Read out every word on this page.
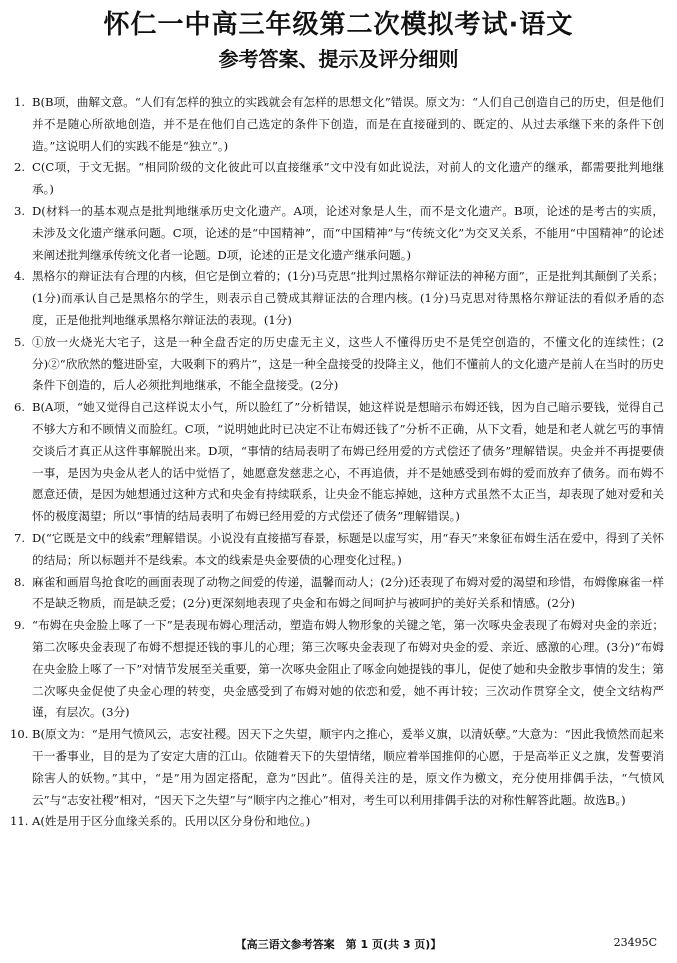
怀仁一中高三年级第二次模拟考试·语文
参考答案、提示及评分细则

1. B(B项，曲解文意。“人们有怎样的独立的实践就会有怎样的思想文化”错误。原文为：“人们自己创造自己的历史，但是他们并不是随心所欲地创造，并不是在他们自己选定的条件下创造，而是在直接碰到的、既定的、从过去承继下来的条件下创造。”这说明人们的实践不能是“独立”。)

2. C(C项，于文无据。“相同阶级的文化彼此可以直接继承”文中没有如此说法，对前人的文化遗产的继承，都需要批判地继承。)

3. D(材料一的基本观点是批判地继承历史文化遗产。A项，论述对象是人生，而不是文化遗产。B项，论述的是考古的实质，未涉及文化遗产继承问题。C项，论述的是“中国精神”，而“中国精神”与“传统文化”为交叉关系，不能用“中国精神”的论述来阐述批判继承传统文化者一论题。D项，论述的正是文化遗产继承问题。)

4. 黑格尔的辩证法有合理的内核，但它是倒立着的；(1分)马克思“批判过黑格尔辩证法的神秘方面”，正是批判其颠倒了关系；(1分)而承认自己是黑格尔的学生，则表示自己赞成其辩证法的合理内核。(1分)马克思对待黑格尔辩证法的看似矛盾的态度，正是他批判地继承黑格尔辩证法的表现。(1分)

5. ①放一火烧光大宅子，这是一种全盘否定的历史虚无主义，这些人不懂得历史不是凭空创造的，不懂文化的连续性；(2分)②“欣欣然的蹩进卧室，大吸剩下的鸦片”，这是一种全盘接受的投降主义，他们不懂前人的文化遗产是前人在当时的历史条件下创造的，后人必须批判地继承，不能全盘接受。(2分)

6. B(A项，“她又觉得自己这样说太小气，所以脸红了”分析错误，她这样说是想暗示布姆还钱，因为自己暗示要钱，觉得自己不够大方和不顾情义而脸红。C项，“说明她此时已决定不让布姆还钱了”分析不正确，从下文看，她是和老人就乞丐的事情交谈后才真正从这件事解脱出来。D项，“事情的结局表明了布姆已经用爱的方式偿还了债务”理解错误。央金并不再提要债一事，是因为央金从老人的话中觉悟了，她愿意发慈悲之心，不再追债，并不是她感受到布姆的爱而放弃了债务。而布姆不愿意还债，是因为她想通过这种方式和央金有持续联系，让央金不能忘掉她，这种方式虽然不太正当，却表现了她对爱和关怀的极度渴望；所以“事情的结局表明了布姆已经用爱的方式偿还了债务”理解错误。)

7. D(“它既是文中的线索”理解错误。小说没有直接描写春景，标题是以虚写实，用“春天”来象征布姆生活在爱中，得到了关怀的结局；所以标题并不是线索。本文的线索是央金要债的心理变化过程。)

8. 麻雀和画眉鸟抢食吃的画面表现了动物之间爱的传递，温馨而动人；(2分)还表现了布姆对爱的渴望和珍惜，布姆像麻雀一样不是缺乏物质，而是缺乏爱；(2分)更深刻地表现了央金和布姆之间呵护与被呵护的美好关系和情感。(2分)

9. “布姆在央金脸上啄了一下”是表现布姆心理活动，塑造布姆人物形象的关键之笔，第一次啄央金表现了布姆对央金的亲近；第二次啄央金表现了布姆不想提还钱的事儿的心理；第三次啄央金表现了布姆对央金的爱、亲近、感激的心理。(3分)“布姆在央金脸上啄了一下”对情节发展至关重要，第一次啄央金阻止了啄金向她提钱的事儿，促使了她和央金散步事情的发生；第二次啄央金促使了央金心理的转变，央金感受到了布姆对她的依恋和爱，她不再计较；三次动作贯穿全文，使全文结构严谨，有层次。(3分)

10. B(原文为：“是用气愤风云，志安社稷。因天下之失望，顺宇内之推心，爰举义旗，以清妖孽。”大意为：“因此我愤然而起来干一番事业，目的是为了安定大唐的江山。依随着天下的失望情绪，顺应着举国推仰的心愿，于是高举正义之旗，发誓要消除害人的妖物。”其中，“是”用为固定搭配，意为“因此”。值得关注的是，原文作为檄文，充分使用排偶手法，“气愤风云”与“志安社稷”相对，“因天下之失望”与“顺宇内之推心”相对，考生可以利用排偶手法的对称性解答此题。故选B。)

11. A(姓是用于区分血缘关系的。氏用以区分身份和地位。)

【高三语文参考答案　第 1 页(共 3 页)】	23495C
